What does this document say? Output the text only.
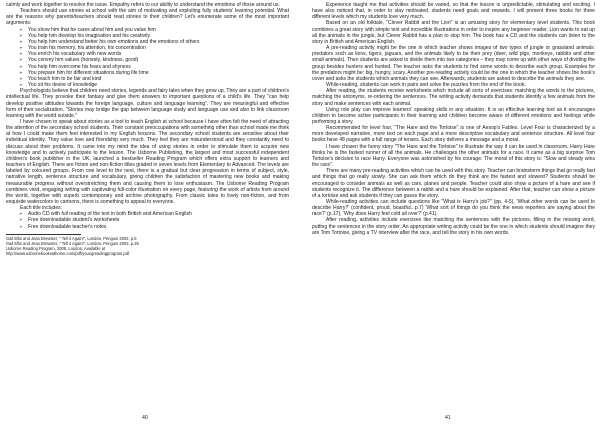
calmly and work together to resolve the issue. Empathy refers to our ability to understand the emotions of those around us.

Teachers should use stories at school with the aim of motivating and exploiting fully students' learning potential. What are the reasons why parents/teachers should read stories to their children? Let's enumerate some of the most important arguments:

➢ You show him that he cares about him and you value him
➢ You help him develop his imagination and his creativity
➢ You help him understand better his own emotions and the emotions of others
➢ You train his memory, his attention, his concentration
➢ You enrich his vocabulary with new words
➢ You convey him values (honesty, kindness, good)
➢ You help him overcome his fears and shyness
➢ You prepare him for different situations during life time
➢ You teach him to be fair and kind
➢ You sit his desire of knowledge

Psychologists believe that children need stories, legends and fairy tales when they grow up. They are a part of children's intellectual life. They provoke their fantasy and give them answers to important questions of a child's life. They "can help develop positive attitudes towards the foreign language, culture and language learning". They are meaningful and effective form of their socialization. "Stories may bridge the gap between language study and language use and also to link classroom learning with the world outside."

I have chosen to speak about stories as a tool to teach English at school because I have often felt the need of attracting the attention of the secondary school students. Their constant preoccupations with something other than school made me think at how I could make them feel interested in my English lessons. The secondary school students are sensitive about their individual identity. They value love and friendship very much. They feel they are misunderstood and they constantly need to discuss about their problems. It came into my mind the idea of using stories in order to stimulate them to acquire new knowledge and to actively participate to the lesson. The Usborne Publishing, the largest and most successful independent children's book publisher in the UK, launched a bestseller Reading Program which offers extra support to learners and teachers of English. There are fiction and non-fiction titles graded in seven levels from Elementary to Advanced. The levels are labeled by coloured groups. From one level to the next, there is a gradual but clear progression in terms of subject, style, narrative length, sentence structure and vocabulary, giving children the satisfaction of mastering new books and making measurable progress without overstretching them and causing them to lose enthusiasm. The Usborne Reading Program combines vivid, engaging writing with captivating full-color illustration on every page, featuring the work of artists from around the world, together with superb contemporary and archive photography. From classic tales to lively non-fiction, and from exquisite watercolors to cartoons, there is something to appeal to everyone.

Each title includes:

➢ Audio CD with full reading of the text in both British and American English
➢ Free downloadable student's worksheets
➢ Free downloadable teacher's notes

Gail Ellis and Jean Brewster, " Tell it Again!", London, Penguin 2002, p.6

Gail Ellis and Jean Brewster, " Tell it Again!", London, Penguin 2002, p.26

Usborne Reading Program, 2008, London. Available at

http://www.usbornebooksathome.com/pdf/youngreadingprogram.pdf

Experience taught me that activities should be varied, so that the lesson is unpredictable, stimulating and exciting. I have also noticed that, in order to stay motivated, students need goals and rewards. I will present three books for three different levels which my students love very much.

Based on an old folktale, "Clever Rabbit and the Lion" is an amusing story for elementary level students. This book combines a great story with simple text and incredible illustrations in order to inspire any beginner reader. Lion wants to eat up all the animals in the jungle, but Clever Rabbit has a plan to stop him. The book has a CD and the students can listen to the story in British and American English.

A pre-reading activity might be the one in which teacher shows images of two types of jungle or grassland animals: predators such as lions, tigers, jaguars, and the animals likely to be their prey (deer, wild pigs, monkeys, rabbits and other small animals). Then students are asked to divide them into two categories – they may come up with other ways of dividing the group besides hunters and hunted. The teacher asks the students to find some words to describe each group. Examples for the predators might be: big, hungry, scary. Another pre-reading activity could be the one in which the teacher shows the book's cover and asks the students which animals they can see. Afterwards, students are asked to describe the animals they see.

While-reading, students can work in pairs and solve the puzzles from the end of the book.

After reading, the students receive worksheets which include all sorts of exercises: matching the words to the pictures, matching the antonyms, re-ordering the sentences. The writing activity demands that students identify a few animals from the story and make sentences with each animal.

Using role play can improve learners' speaking skills in any situation. It is an effective learning tool as it encourages children to become active participants in their learning and children become aware of different emotions and feelings while performing a story.

Recommended for level four, "The Hare and the Tortoise" is one of Aesop's Fables. Level Four is characterized by a more developed narrative, more text on each page and a more descriptive vocabulary and sentence structure. All level four books have 48 pages with a full range of tenses. Each story delivers a message and a moral.

I have chosen the funny story "The Hare and the Tortoise" to illustrate the way it can be used in classroom. Harry Hare thinks he is the fastest runner of all the animals. He challenges the other animals for a race. It came as a big surprise Tom Tortoise's decision to race Harry. Everyone was astonished by his courage. The moral of this story is: "Slow and steady wins the race".

There are many pre-reading activities which can be used with this story. Teacher can brainstorm things that go really fast and things that go really slowly. She can ask them which do they think are the fastest and slowest? Students should be encouraged to consider animals as well as cars, planes and people. Teacher could also show a picture of a hare and see if students recognize it. The difference between a rabbit and a hare should be explained. After that, teacher can show a picture of a tortoise and ask students if they can guess the story.

While-reading activities can include questions like "What is Harry's job?" (pp. 4-5), 'What other words can be used to describe Harry?' (confident, proud, boastful...p.7) 'What sort of things do you think the news reporters are saying about the race?' (p.17), 'Why does Harry feel cold all over?' (p.41).

After reading, activities include exercises like matching the sentences with the pictures, filling in the missing word, putting the sentences in the story order. An appropriate writing activity could be the one in which students should imagine they are Tom Tortoise, giving a TV interview after the race, and tell the story in his own words.

40	41
